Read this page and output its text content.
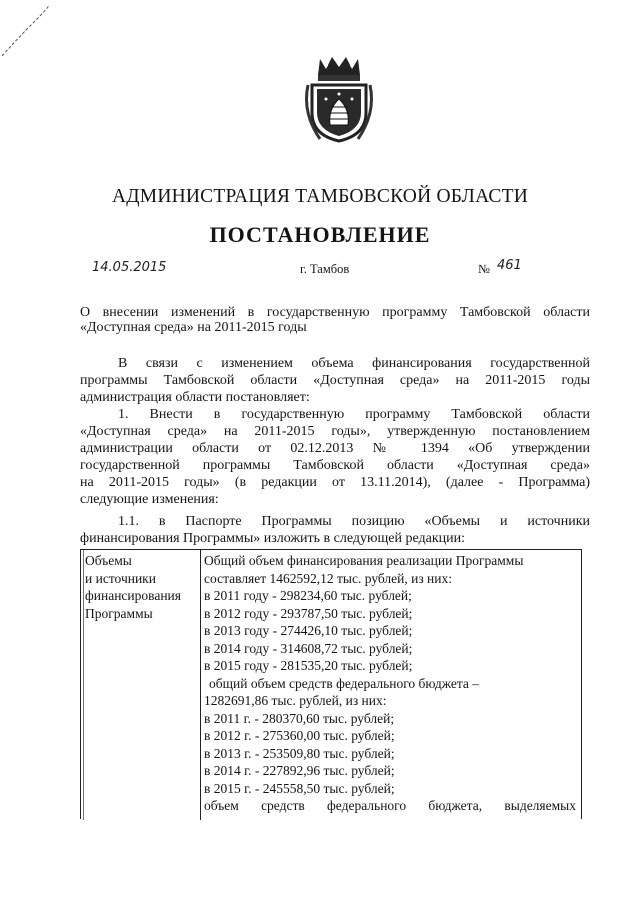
АДМИНИСТРАЦИЯ ТАМБОВСКОЙ ОБЛАСТИ
ПОСТАНОВЛЕНИЕ
14.05.2015	г. Тамбов	№ 461
О внесении изменений в государственную программу Тамбовской области
«Доступная среда» на 2011-2015 годы
В связи с изменением объема финансирования государственной
программы Тамбовской области «Доступная среда» на 2011-2015 годы
администрация области постановляет:
1. Внести в государственную программу Тамбовской области
«Доступная среда» на 2011-2015 годы», утвержденную постановлением
администрации области от 02.12.2013 № 1394 «Об утверждении
государственной программы Тамбовской области «Доступная среда»
на 2011-2015 годы» (в редакции от 13.11.2014), (далее - Программа)
следующие изменения:
1.1. в Паспорте Программы позицию «Объемы и источники
финансирования Программы» изложить в следующей редакции:
Объемы
и источники
финансирования
Программы
Общий объем финансирования реализации Программы
составляет 1462592,12 тыс. рублей, из них:
в 2011 году - 298234,60 тыс. рублей;
в 2012 году - 293787,50 тыс. рублей;
в 2013 году - 274426,10 тыс. рублей;
в 2014 году - 314608,72 тыс. рублей;
в 2015 году - 281535,20 тыс. рублей;
общий объем средств федерального бюджета –
1282691,86 тыс. рублей, из них:
в 2011 г. - 280370,60 тыс. рублей;
в 2012 г. - 275360,00 тыс. рублей;
в 2013 г. - 253509,80 тыс. рублей;
в 2014 г. - 227892,96 тыс. рублей;
в 2015 г. - 245558,50 тыс. рублей;
объем средств федерального бюджета, выделяемых
